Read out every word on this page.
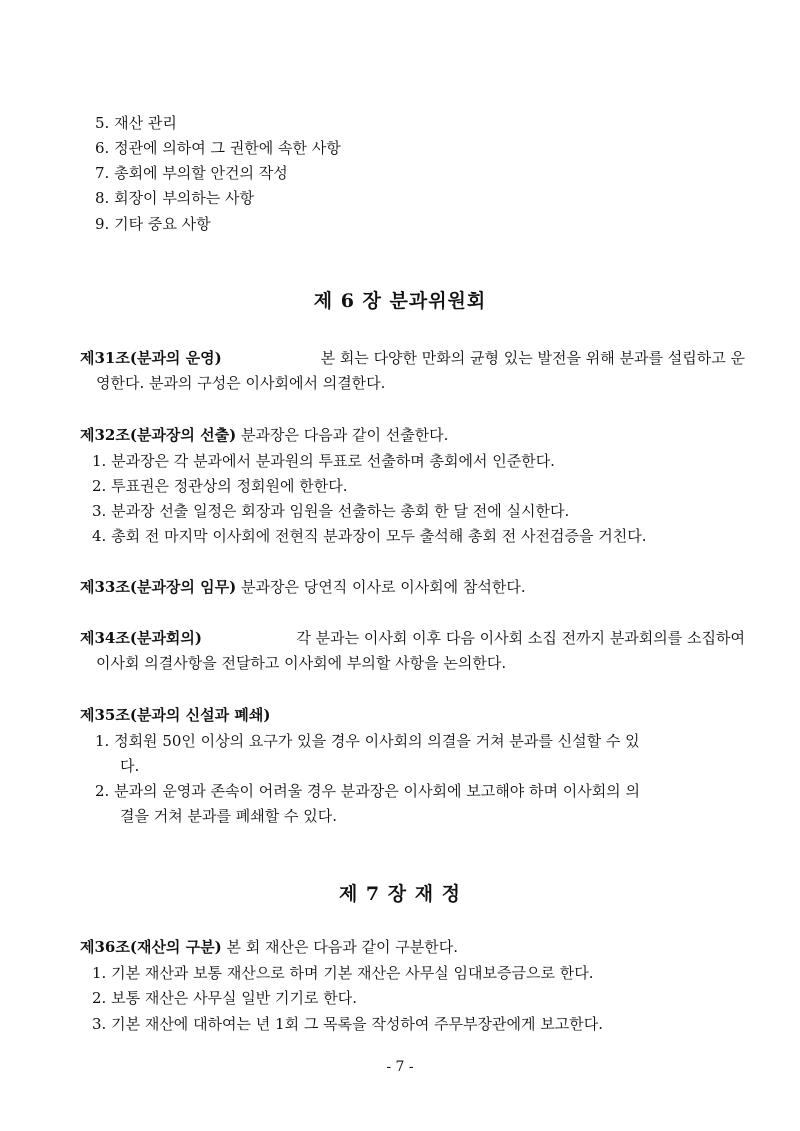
5. 재산 관리
6. 정관에 의하여 그 권한에 속한 사항
7. 총회에 부의할 안건의 작성
8. 회장이 부의하는 사항
9. 기타 중요 사항
제 6 장 분과위원회
제31조(분과의 운영)	본 회는 다양한 만화의 균형 있는 발전을 위해 분과를 설립하고 운
영한다. 분과의 구성은 이사회에서 의결한다.
제32조(분과장의 선출) 분과장은 다음과 같이 선출한다.
1. 분과장은 각 분과에서 분과원의 투표로 선출하며 총회에서 인준한다.
2. 투표권은 정관상의 정회원에 한한다.
3. 분과장 선출 일정은 회장과 임원을 선출하는 총회 한 달 전에 실시한다.
4. 총회 전 마지막 이사회에 전현직 분과장이 모두 출석해 총회 전 사전검증을 거친다.
제33조(분과장의 임무) 분과장은 당연직 이사로 이사회에 참석한다.
제34조(분과회의)	각 분과는 이사회 이후 다음 이사회 소집 전까지 분과회의를 소집하여
이사회 의결사항을 전달하고 이사회에 부의할 사항을 논의한다.
제35조(분과의 신설과 폐쇄)
1. 정회원 50인 이상의 요구가 있을 경우 이사회의 의결을 거쳐 분과를 신설할 수 있
다.
2. 분과의 운영과 존속이 어려울 경우 분과장은 이사회에 보고해야 하며 이사회의 의
결을 거쳐 분과를 폐쇄할 수 있다.
제 7 장 재 정
제36조(재산의 구분) 본 회 재산은 다음과 같이 구분한다.
1. 기본 재산과 보통 재산으로 하며 기본 재산은 사무실 임대보증금으로 한다.
2. 보통 재산은 사무실 일반 기기로 한다.
3. 기본 재산에 대하여는 년 1회 그 목록을 작성하여 주무부장관에게 보고한다.
- 7 -
